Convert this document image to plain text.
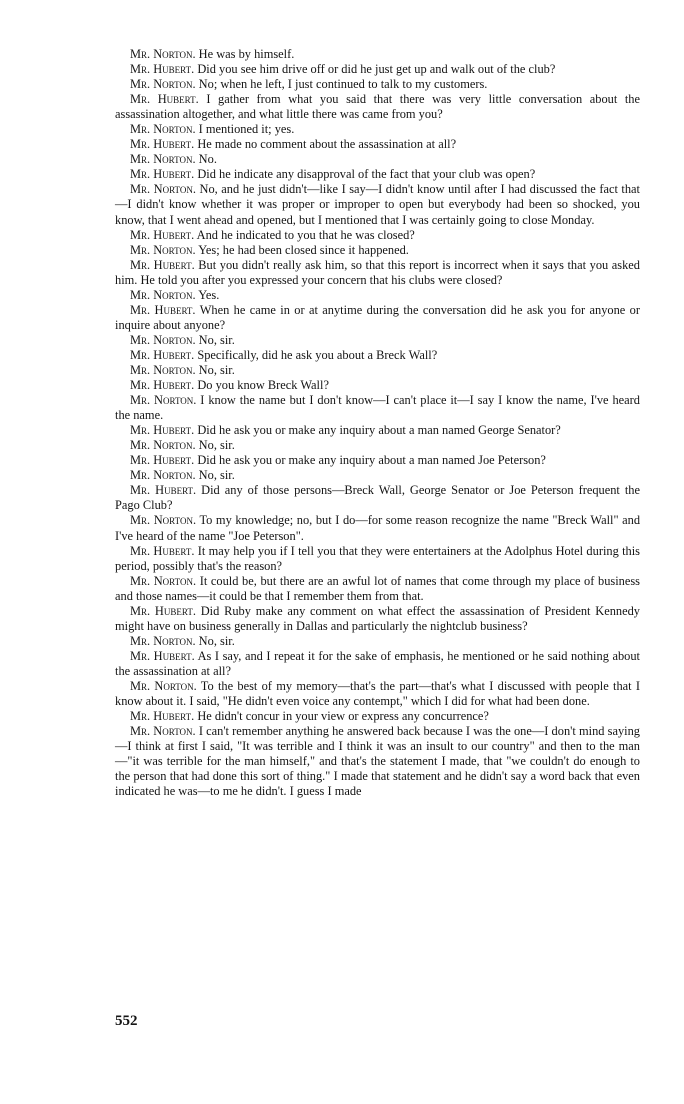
Mr. Norton. He was by himself.

Mr. Hubert. Did you see him drive off or did he just get up and walk out of the club?

Mr. Norton. No; when he left, I just continued to talk to my customers.

Mr. Hubert. I gather from what you said that there was very little conversation about the assassination altogether, and what little there was came from you?

Mr. Norton. I mentioned it; yes.

Mr. Hubert. He made no comment about the assassination at all?

Mr. Norton. No.

Mr. Hubert. Did he indicate any disapproval of the fact that your club was open?

Mr. Norton. No, and he just didn't—like I say—I didn't know until after I had discussed the fact that—I didn't know whether it was proper or improper to open but everybody had been so shocked, you know, that I went ahead and opened, but I mentioned that I was certainly going to close Monday.

Mr. Hubert. And he indicated to you that he was closed?

Mr. Norton. Yes; he had been closed since it happened.

Mr. Hubert. But you didn't really ask him, so that this report is incorrect when it says that you asked him. He told you after you expressed your concern that his clubs were closed?

Mr. Norton. Yes.

Mr. Hubert. When he came in or at anytime during the conversation did he ask you for anyone or inquire about anyone?

Mr. Norton. No, sir.

Mr. Hubert. Specifically, did he ask you about a Breck Wall?

Mr. Norton. No, sir.

Mr. Hubert. Do you know Breck Wall?

Mr. Norton. I know the name but I don't know—I can't place it—I say I know the name, I've heard the name.

Mr. Hubert. Did he ask you or make any inquiry about a man named George Senator?

Mr. Norton. No, sir.

Mr. Hubert. Did he ask you or make any inquiry about a man named Joe Peterson?

Mr. Norton. No, sir.

Mr. Hubert. Did any of those persons—Breck Wall, George Senator or Joe Peterson frequent the Pago Club?

Mr. Norton. To my knowledge; no, but I do—for some reason recognize the name "Breck Wall" and I've heard of the name "Joe Peterson".

Mr. Hubert. It may help you if I tell you that they were entertainers at the Adolphus Hotel during this period, possibly that's the reason?

Mr. Norton. It could be, but there are an awful lot of names that come through my place of business and those names—it could be that I remember them from that.

Mr. Hubert. Did Ruby make any comment on what effect the assassination of President Kennedy might have on business generally in Dallas and particularly the nightclub business?

Mr. Norton. No, sir.

Mr. Hubert. As I say, and I repeat it for the sake of emphasis, he mentioned or he said nothing about the assassination at all?

Mr. Norton. To the best of my memory—that's the part—that's what I discussed with people that I know about it. I said, "He didn't even voice any contempt," which I did for what had been done.

Mr. Hubert. He didn't concur in your view or express any concurrence?

Mr. Norton. I can't remember anything he answered back because I was the one—I don't mind saying—I think at first I said, "It was terrible and I think it was an insult to our country" and then to the man—"it was terrible for the man himself," and that's the statement I made, that "we couldn't do enough to the person that had done this sort of thing." I made that statement and he didn't say a word back that even indicated he was—to me he didn't. I guess I made

552
